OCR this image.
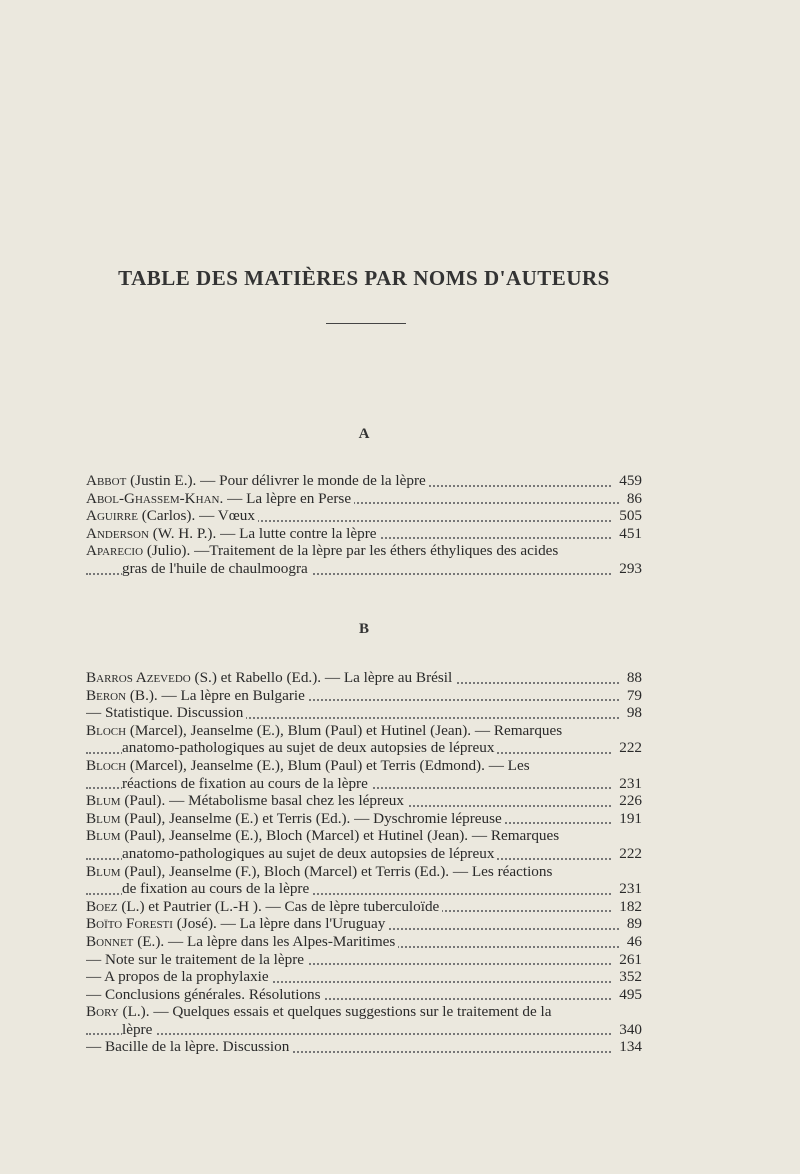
TABLE DES MATIÈRES PAR NOMS D'AUTEURS
A
Abbot (Justin E.). — Pour délivrer le monde de la lèpre	459
Abol-Ghassem-Khan. — La lèpre en Perse	86
Aguirre (Carlos). — Vœux	505
Anderson (W. H. P.). — La lutte contre la lèpre	451
Aparecio (Julio). —Traitement de la lèpre par les éthers éthyliques des acides
gras de l'huile de chaulmoogra	293
B
Barros Azevedo (S.) et Rabello (Ed.). — La lèpre au Brésil	88
Beron (B.). — La lèpre en Bulgarie	79
— Statistique. Discussion	98
Bloch (Marcel), Jeanselme (E.), Blum (Paul) et Hutinel (Jean). — Remarques
anatomo-pathologiques au sujet de deux autopsies de lépreux	222
Bloch (Marcel), Jeanselme (E.), Blum (Paul) et Terris (Edmond). — Les
réactions de fixation au cours de la lèpre	231
Blum (Paul). — Métabolisme basal chez les lépreux	226
Blum (Paul), Jeanselme (E.) et Terris (Ed.). — Dyschromie lépreuse	191
Blum (Paul), Jeanselme (E.), Bloch (Marcel) et Hutinel (Jean). — Remarques
anatomo-pathologiques au sujet de deux autopsies de lépreux	222
Blum (Paul), Jeanselme (F.), Bloch (Marcel) et Terris (Ed.). — Les réactions
de fixation au cours de la lèpre	231
Boez (L.) et Pautrier (L.-H ). — Cas de lèpre tuberculoïde	182
Boïto Foresti (José). — La lèpre dans l'Uruguay	89
Bonnet (E.). — La lèpre dans les Alpes-Maritimes	46
— Note sur le traitement de la lèpre	261
— A propos de la prophylaxie	352
— Conclusions générales. Résolutions	495
Bory (L.). — Quelques essais et quelques suggestions sur le traitement de la
lèpre	340
— Bacille de la lèpre. Discussion	134
